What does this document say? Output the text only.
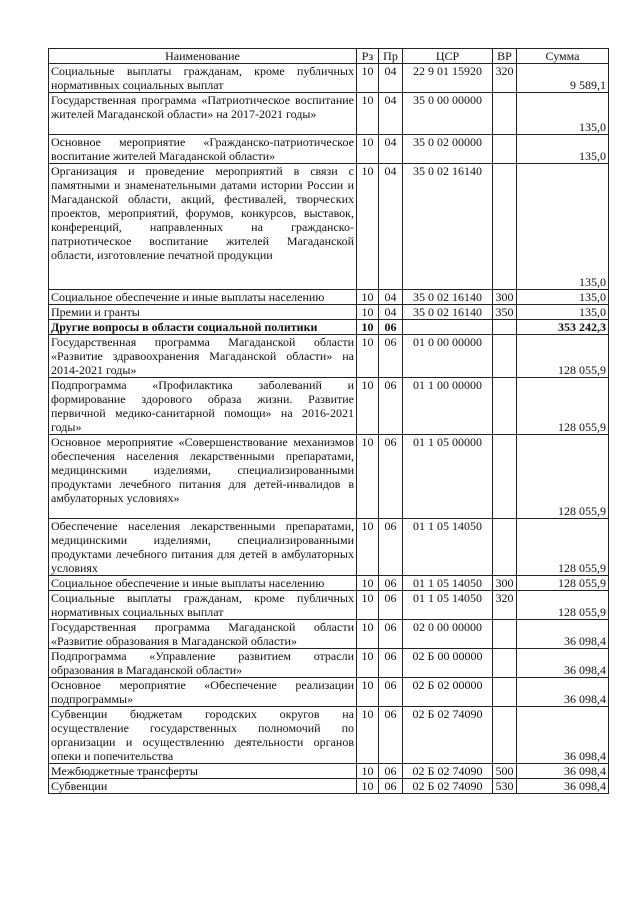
Наименование	Рз	Пр	ЦСР	ВР	Сумма
Социальные выплаты гражданам, кроме публичных нормативных социальных выплат	10	04	22 9 01 15920	320	9 589,1
Государственная программа «Патриотическое воспитание жителей Магаданской области» на 2017-2021 годы»	10	04	35 0 00 00000		135,0
Основное мероприятие «Гражданско-патриотическое воспитание жителей Магаданской области»	10	04	35 0 02 00000		135,0
Организация и проведение мероприятий в связи с памятными и знаменательными датами истории России и Магаданской области, акций, фестивалей, творческих проектов, мероприятий, форумов, конкурсов, выставок, конференций, направленных на гражданско-патриотическое воспитание жителей Магаданской области, изготовление печатной продукции	10	04	35 0 02 16140		135,0
Социальное обеспечение и иные выплаты населению	10	04	35 0 02 16140	300	135,0
Премии и гранты	10	04	35 0 02 16140	350	135,0
Другие вопросы в области социальной политики	10	06			353 242,3
Государственная программа Магаданской области «Развитие здравоохранения Магаданской области» на 2014-2021 годы»	10	06	01 0 00 00000		128 055,9
Подпрограмма «Профилактика заболеваний и формирование здорового образа жизни. Развитие первичной медико-санитарной помощи» на 2016-2021 годы»	10	06	01 1 00 00000		128 055,9
Основное мероприятие «Совершенствование механизмов обеспечения населения лекарственными препаратами, медицинскими изделиями, специализированными продуктами лечебного питания для детей-инвалидов в амбулаторных условиях»	10	06	01 1 05 00000		128 055,9
Обеспечение населения лекарственными препаратами, медицинскими изделиями, специализированными продуктами лечебного питания для детей в амбулаторных условиях	10	06	01 1 05 14050		128 055,9
Социальное обеспечение и иные выплаты населению	10	06	01 1 05 14050	300	128 055,9
Социальные выплаты гражданам, кроме публичных нормативных социальных выплат	10	06	01 1 05 14050	320	128 055,9
Государственная программа Магаданской области «Развитие образования в Магаданской области»	10	06	02 0 00 00000		36 098,4
Подпрограмма «Управление развитием отрасли образования в Магаданской области»	10	06	02 Б 00 00000		36 098,4
Основное мероприятие «Обеспечение реализации подпрограммы»	10	06	02 Б 02 00000		36 098,4
Субвенции бюджетам городских округов на осуществление государственных полномочий по организации и осуществлению деятельности органов опеки и попечительства	10	06	02 Б 02 74090		36 098,4
Межбюджетные трансферты	10	06	02 Б 02 74090	500	36 098,4
Субвенции	10	06	02 Б 02 74090	530	36 098,4
